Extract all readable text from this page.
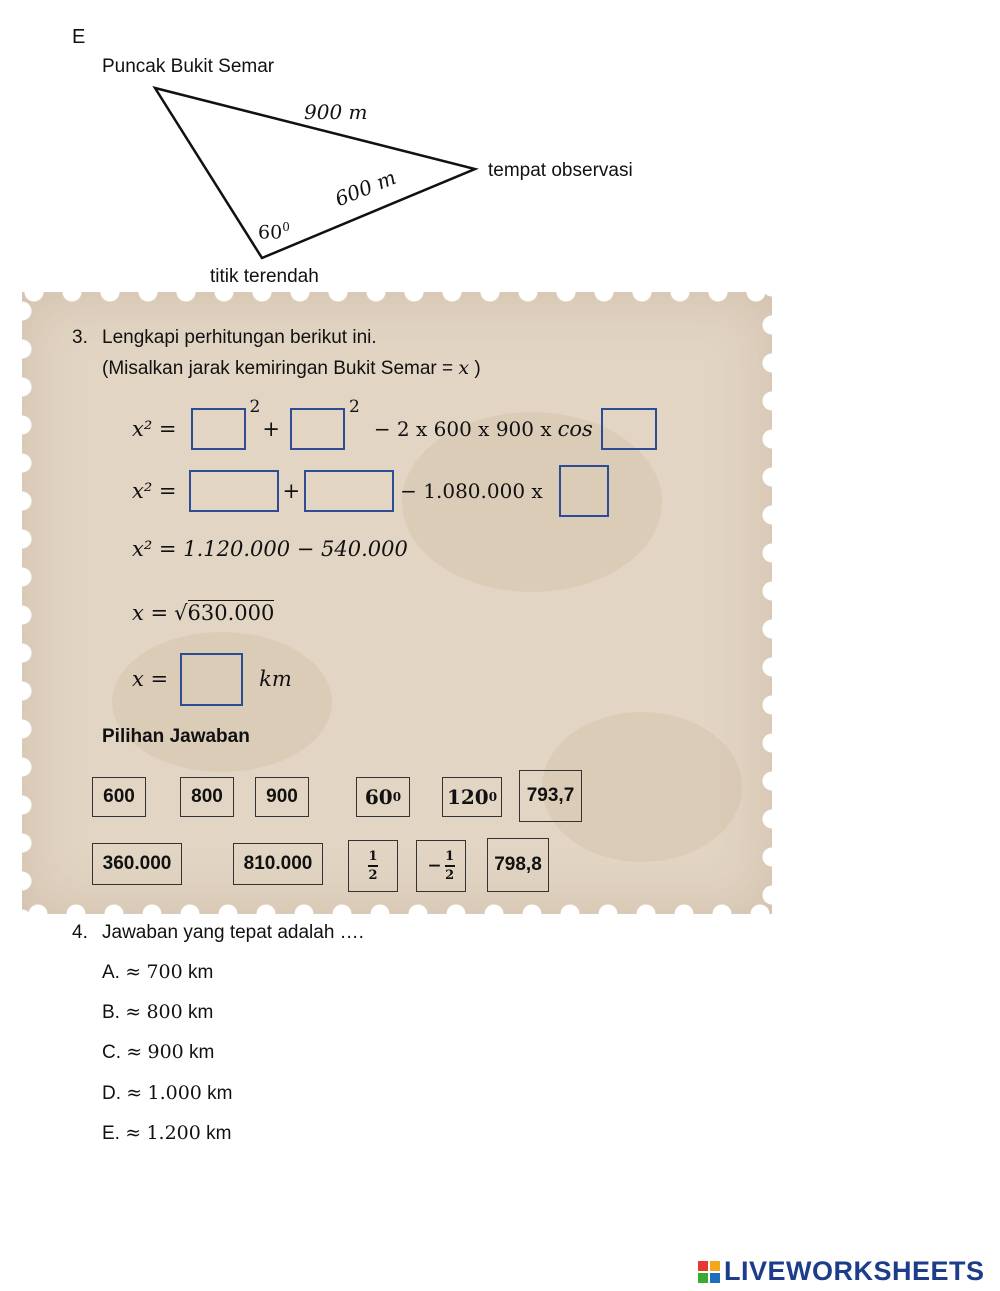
E
Puncak Bukit Semar
tempat observasi
titik terendah
900 m
600 m
$60^0$
3. Lengkapi perhitungan berikut ini.
(Misalkan jarak kemiringan Bukit Semar = x )
x² =
2
+
2
− 2 x 600 x 900 x cos
x² =	+	− 1.080.000 x
x² = 1.120.000 − 540.000
x = √ 630.000
x =	km
Pilihan Jawaban
600	800 900	60 0 120 0 793,7
360.000	810.000	$\frac{1}{2}$	− $\frac{1}{2} 798,8$
4. Jawaban yang tepat adalah ….
A. ≈ 700 km
B. ≈ 800 km
C. ≈ 900 km
D. ≈ 1.000 km
E. ≈ 1.200 km
LIVEWORKSHEETS
